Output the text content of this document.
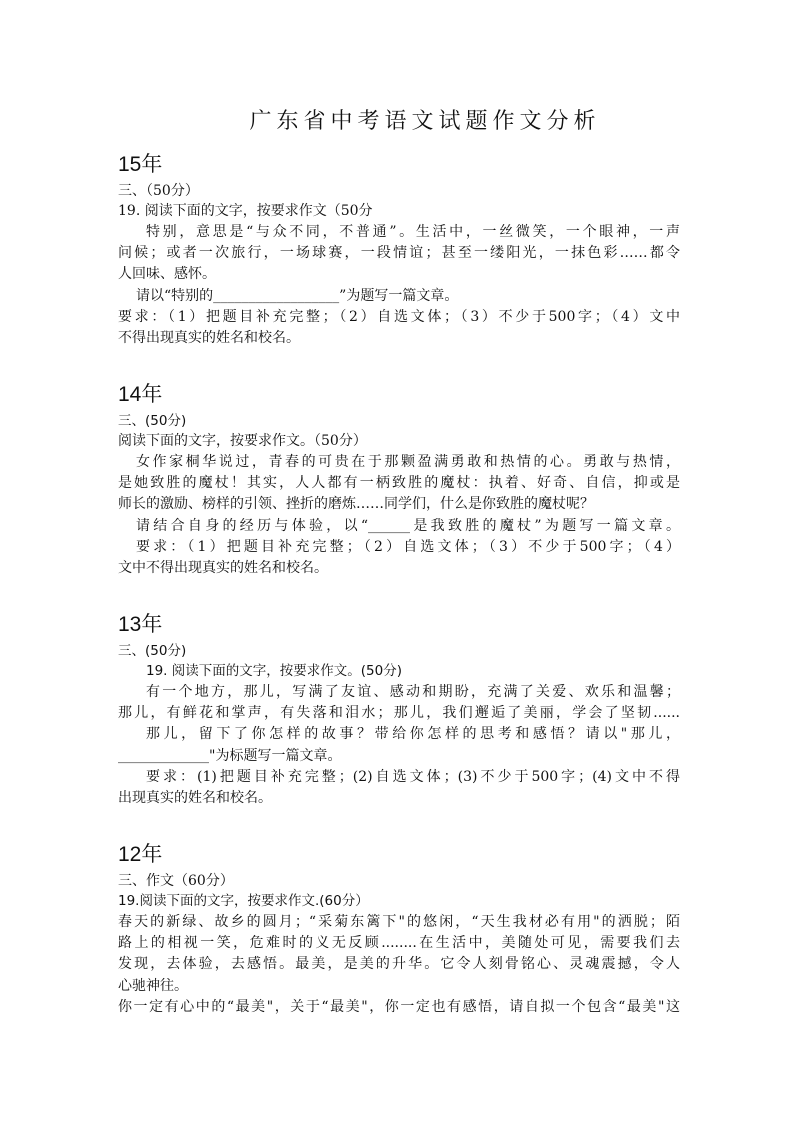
广东省中考语文试题作文分析
15年
三、（50分）
19. 阅读下面的文字，按要求作文（50分
特别，意思是“与众不同，不普通”。生活中，一丝微笑，一个眼神，一声
问候；或者一次旅行，一场球赛，一段情谊；甚至一缕阳光，一抹色彩……都令
人回味、感怀。
请以“特别的__________________”为题写一篇文章。
要求：（1）把题目补充完整；（2）自选文体；（3）不少于500字；（4）文中
不得出现真实的姓名和校名。
14年
三、(50分)
阅读下面的文字，按要求作文。（50分）
女作家桐华说过，青春的可贵在于那颗盈满勇敢和热情的心。勇敢与热情，
是她致胜的魔杖！其实，人人都有一柄致胜的魔杖：执着、好奇、自信，抑或是
师长的激励、榜样的引领、挫折的磨炼……同学们，什么是你致胜的魔杖呢？
请结合自身的经历与体验，以“______是我致胜的魔杖”为题写一篇文章。
要求：（1）把题目补充完整；（2）自选文体；（3）不少于500字；（4）
文中不得出现真实的姓名和校名。
13年
三、(50分)
19. 阅读下面的文字，按要求作文。(50分)
有一个地方，那儿，写满了友谊、感动和期盼，充满了关爱、欢乐和温馨；
那儿，有鲜花和掌声，有失落和泪水；那儿，我们邂逅了美丽，学会了坚韧......
那儿，留下了你怎样的故事？带给你怎样的思考和感悟？请以"那儿，
_____________"为标题写一篇文章。
要求：(1)把题目补充完整；(2)自选文体；(3)不少于500字；(4)文中不得
出现真实的姓名和校名。
12年
三、作文（60分）
19.阅读下面的文字，按要求作文.(60分）
春天的新绿、故乡的圆月；“采菊东篱下"的悠闲，“天生我材必有用"的洒脱；陌
路上的相视一笑，危难时的义无反顾........在生活中，美随处可见，需要我们去
发现，去体验，去感悟。最美，是美的升华。它令人刻骨铭心、灵魂震撼，令人
心驰神往。
你一定有心中的“最美"，关于“最美"，你一定也有感悟，请自拟一个包含“最美"这
